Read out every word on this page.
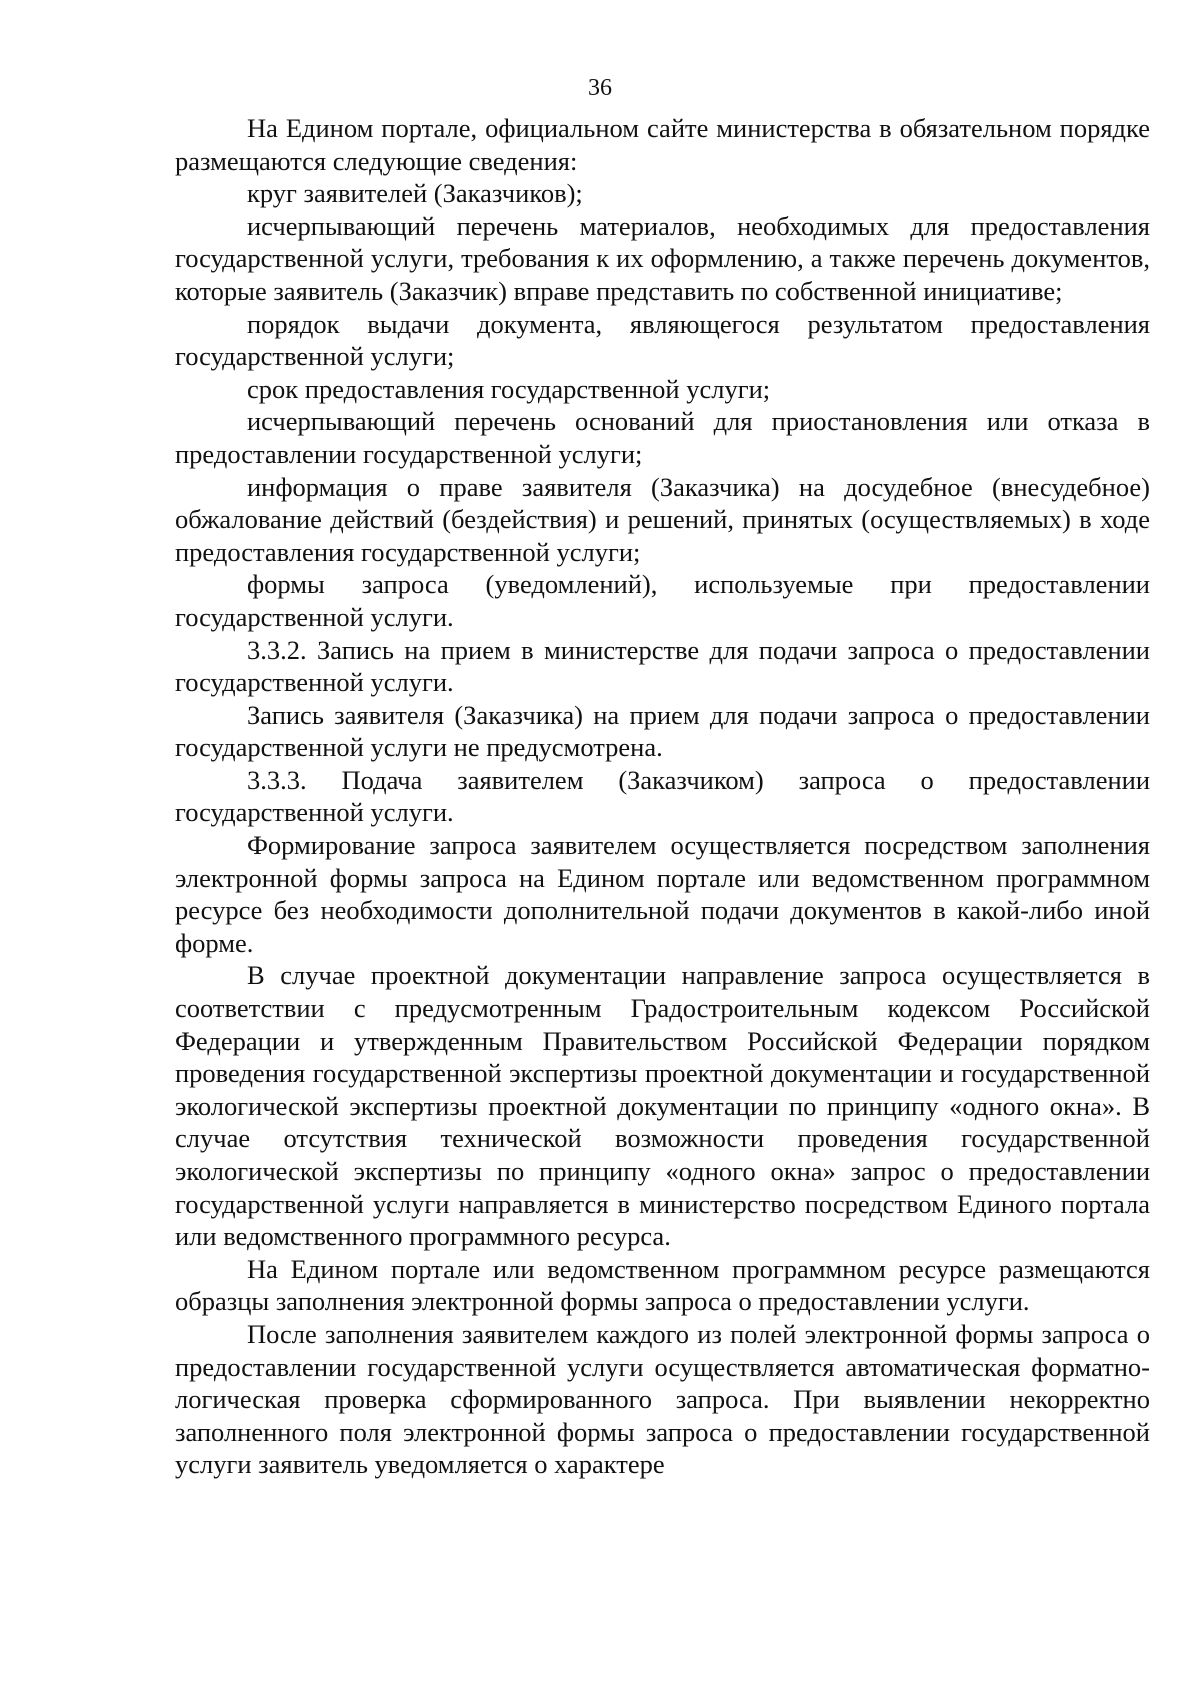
36

На Едином портале, официальном сайте министерства в обязательном порядке размещаются следующие сведения:

круг заявителей (Заказчиков);

исчерпывающий перечень материалов, необходимых для предоставления государственной услуги, требования к их оформлению, а также перечень документов, которые заявитель (Заказчик) вправе представить по собственной инициативе;

порядок выдачи документа, являющегося результатом предоставления государственной услуги;

срок предоставления государственной услуги;

исчерпывающий перечень оснований для приостановления или отказа в предоставлении государственной услуги;

информация о праве заявителя (Заказчика) на досудебное (внесудебное) обжалование действий (бездействия) и решений, принятых (осуществляемых) в ходе предоставления государственной услуги;

формы запроса (уведомлений), используемые при предоставлении государственной услуги.

3.3.2. Запись на прием в министерстве для подачи запроса о предоставлении государственной услуги.

Запись заявителя (Заказчика) на прием для подачи запроса о предоставлении государственной услуги не предусмотрена.

3.3.3. Подача заявителем (Заказчиком) запроса о предоставлении государственной услуги.

Формирование запроса заявителем осуществляется посредством заполнения электронной формы запроса на Едином портале или ведомственном программном ресурсе без необходимости дополнительной подачи документов в какой-либо иной форме.

В случае проектной документации направление запроса осуществляется в соответствии с предусмотренным Градостроительным кодексом Российской Федерации и утвержденным Правительством Российской Федерации порядком проведения государственной экспертизы проектной документации и государственной экологической экспертизы проектной документации по принципу «одного окна». В случае отсутствия технической возможности проведения государственной экологической экспертизы по принципу «одного окна» запрос о предоставлении государственной услуги направляется в министерство посредством Единого портала или ведомственного программного ресурса.

На Едином портале или ведомственном программном ресурсе размещаются образцы заполнения электронной формы запроса о предоставлении услуги.

После заполнения заявителем каждого из полей электронной формы запроса о предоставлении государственной услуги осуществляется автоматическая форматно-логическая проверка сформированного запроса. При выявлении некорректно заполненного поля электронной формы запроса о предоставлении государственной услуги заявитель уведомляется о характере
